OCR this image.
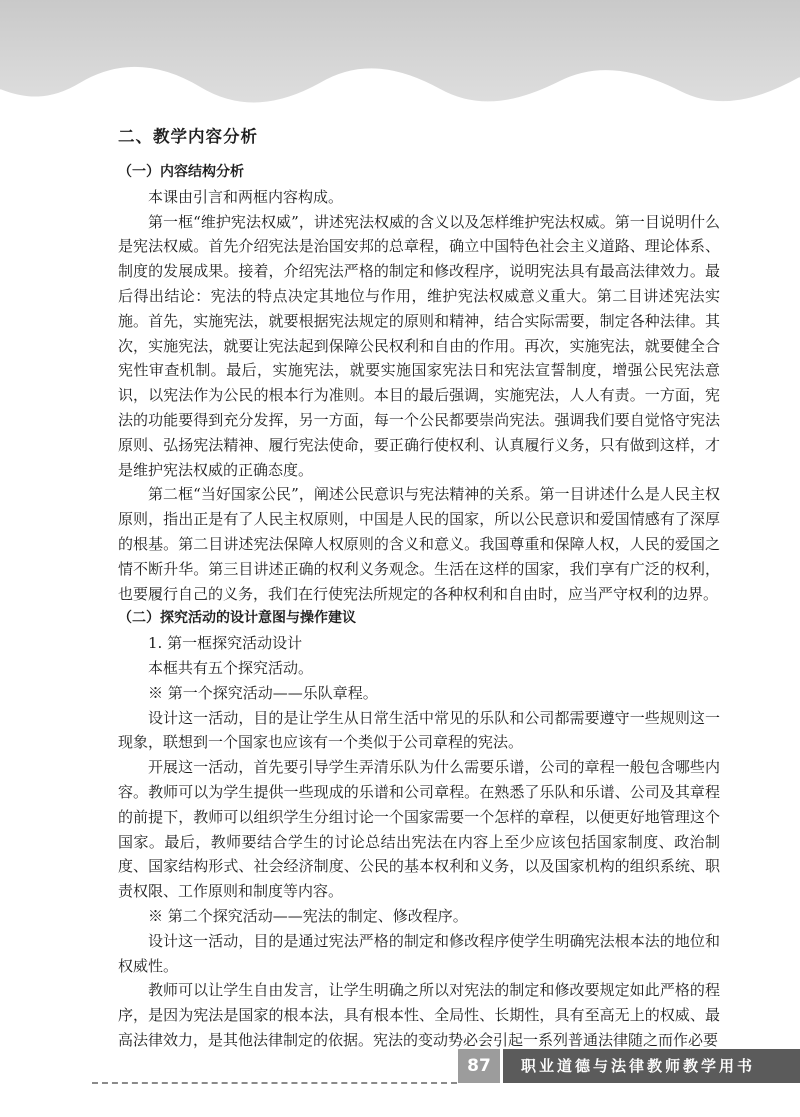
二、教学内容分析
（一）内容结构分析

本课由引言和两框内容构成。

第一框“维护宪法权威”，讲述宪法权威的含义以及怎样维护宪法权威。第一目说明什么是宪法权威。首先介绍宪法是治国安邦的总章程，确立中国特色社会主义道路、理论体系、制度的发展成果。接着，介绍宪法严格的制定和修改程序，说明宪法具有最高法律效力。最后得出结论：宪法的特点决定其地位与作用，维护宪法权威意义重大。第二目讲述宪法实施。首先，实施宪法，就要根据宪法规定的原则和精神，结合实际需要，制定各种法律。其次，实施宪法，就要让宪法起到保障公民权利和自由的作用。再次，实施宪法，就要健全合宪性审查机制。最后，实施宪法，就要实施国家宪法日和宪法宣誓制度，增强公民宪法意识，以宪法作为公民的根本行为准则。本目的最后强调，实施宪法，人人有责。一方面，宪法的功能要得到充分发挥，另一方面，每一个公民都要崇尚宪法。强调我们要自觉恪守宪法原则、弘扬宪法精神、履行宪法使命，要正确行使权利、认真履行义务，只有做到这样，才是维护宪法权威的正确态度。

第二框“当好国家公民”，阐述公民意识与宪法精神的关系。第一目讲述什么是人民主权原则，指出正是有了人民主权原则，中国是人民的国家，所以公民意识和爱国情感有了深厚的根基。第二目讲述宪法保障人权原则的含义和意义。我国尊重和保障人权，人民的爱国之情不断升华。第三目讲述正确的权利义务观念。生活在这样的国家，我们享有广泛的权利，也要履行自己的义务，我们在行使宪法所规定的各种权利和自由时，应当严守权利的边界。

（二）探究活动的设计意图与操作建议

1. 第一框探究活动设计

本框共有五个探究活动。

※ 第一个探究活动——乐队章程。

设计这一活动，目的是让学生从日常生活中常见的乐队和公司都需要遵守一些规则这一现象，联想到一个国家也应该有一个类似于公司章程的宪法。

开展这一活动，首先要引导学生弄清乐队为什么需要乐谱，公司的章程一般包含哪些内容。教师可以为学生提供一些现成的乐谱和公司章程。在熟悉了乐队和乐谱、公司及其章程的前提下，教师可以组织学生分组讨论一个国家需要一个怎样的章程，以便更好地管理这个国家。最后，教师要结合学生的讨论总结出宪法在内容上至少应该包括国家制度、政治制度、国家结构形式、社会经济制度、公民的基本权利和义务，以及国家机构的组织系统、职责权限、工作原则和制度等内容。

※ 第二个探究活动——宪法的制定、修改程序。

设计这一活动，目的是通过宪法严格的制定和修改程序使学生明确宪法根本法的地位和权威性。

教师可以让学生自由发言，让学生明确之所以对宪法的制定和修改要规定如此严格的程序，是因为宪法是国家的根本法，具有根本性、全局性、长期性，具有至高无上的权威、最高法律效力，是其他法律制定的依据。宪法的变动势必会引起一系列普通法律随之而作必要

87	职业道德与法律教师教学用书
